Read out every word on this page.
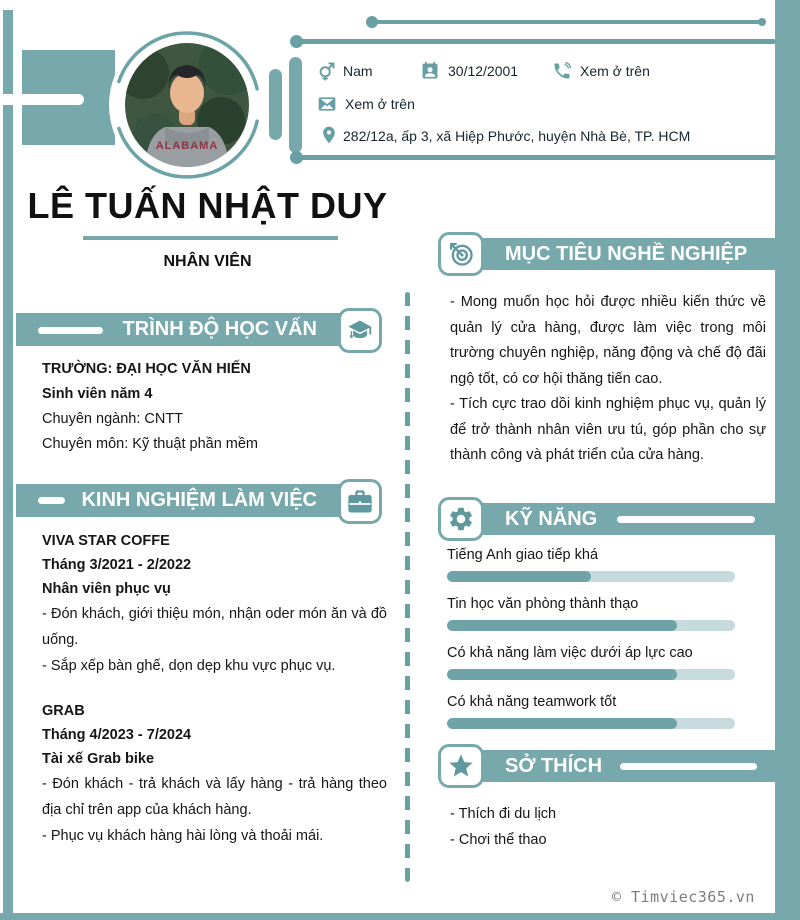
ALABAMA
Nam	30/12/2001	Xem ở trên
Xem ở trên
282/12a, ấp 3, xã Hiệp Phước, huyện Nhà Bè, TP. HCM
LÊ TUẤN NHẬT DUY
NHÂN VIÊN
TRÌNH ĐỘ HỌC VẤN
TRƯỜNG: ĐẠI HỌC VĂN HIẾN
Sinh viên năm 4
Chuyên ngành: CNTT
Chuyên môn: Kỹ thuật phần mềm
KINH NGHIỆM LÀM VIỆC
VIVA STAR COFFE
Tháng 3/2021 - 2/2022
Nhân viên phục vụ
- Đón khách, giới thiệu món, nhận oder món ăn và đồ uống.
- Sắp xếp bàn ghế, dọn dẹp khu vực phục vụ.
GRAB
Tháng 4/2023 - 7/2024
Tài xế Grab bike
- Đón khách - trả khách và lấy hàng - trả hàng theo địa chỉ trên app của khách hàng.
- Phục vụ khách hàng hài lòng và thoải mái.
MỤC TIÊU NGHỀ NGHIỆP
- Mong muốn học hỏi được nhiều kiến thức về quản lý cửa hàng, được làm việc trong môi trường chuyên nghiệp, năng động và chế độ đãi ngộ tốt, có cơ hội thăng tiến cao.
- Tích cực trao dồi kinh nghiệm phục vụ, quản lý để trở thành nhân viên ưu tú, góp phần cho sự thành công và phát triển của cửa hàng.
KỸ NĂNG
Tiếng Anh giao tiếp khá
Tin học văn phòng thành thạo
Có khả năng làm việc dưới áp lực cao
Có khả năng teamwork tốt
SỞ THÍCH
- Thích đi du lịch
- Chơi thể thao
© Timviec365.vn
